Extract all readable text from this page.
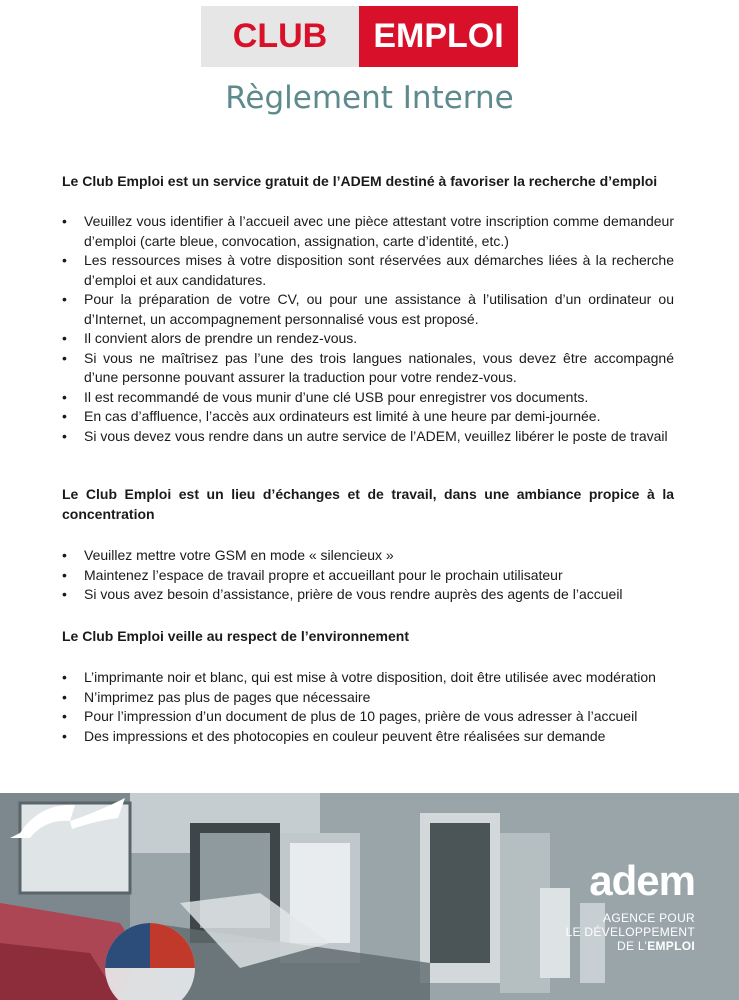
CLUB	EMPLOI
Règlement Interne

Le Club Emploi est un service gratuit de l’ADEM destiné à favoriser la recherche d’emploi

• Veuillez vous identifier à l’accueil avec une pièce attestant votre inscription comme demandeur d’emploi (carte bleue, convocation, assignation, carte d’identité, etc.)
• Les ressources mises à votre disposition sont réservées aux démarches liées à la recherche d’emploi et aux candidatures.
• Pour la préparation de votre CV, ou pour une assistance à l’utilisation d’un ordinateur ou d’Internet, un accompagnement personnalisé vous est proposé.
• Il convient alors de prendre un rendez-vous.
• Si vous ne maîtrisez pas l’une des trois langues nationales, vous devez être accompagné d’une personne pouvant assurer la traduction pour votre rendez-vous.
• Il est recommandé de vous munir d’une clé USB pour enregistrer vos documents.
• En cas d’affluence, l’accès aux ordinateurs est limité à une heure par demi-journée.
• Si vous devez vous rendre dans un autre service de l’ADEM, veuillez libérer le poste de travail

Le Club Emploi est un lieu d’échanges et de travail, dans une ambiance propice à la concentration

• Veuillez mettre votre GSM en mode « silencieux »
• Maintenez l’espace de travail propre et accueillant pour le prochain utilisateur
• Si vous avez besoin d’assistance, prière de vous rendre auprès des agents de l’accueil

Le Club Emploi veille au respect de l’environnement

• L’imprimante noir et blanc, qui est mise à votre disposition, doit être utilisée avec modération
• N’imprimez pas plus de pages que nécessaire
• Pour l’impression d’un document de plus de 10 pages, prière de vous adresser à l’accueil
• Des impressions et des photocopies en couleur peuvent être réalisées sur demande
adem
AGENCE POUR
LE DÉVELOPPEMENT
DE L’EMPLOI
